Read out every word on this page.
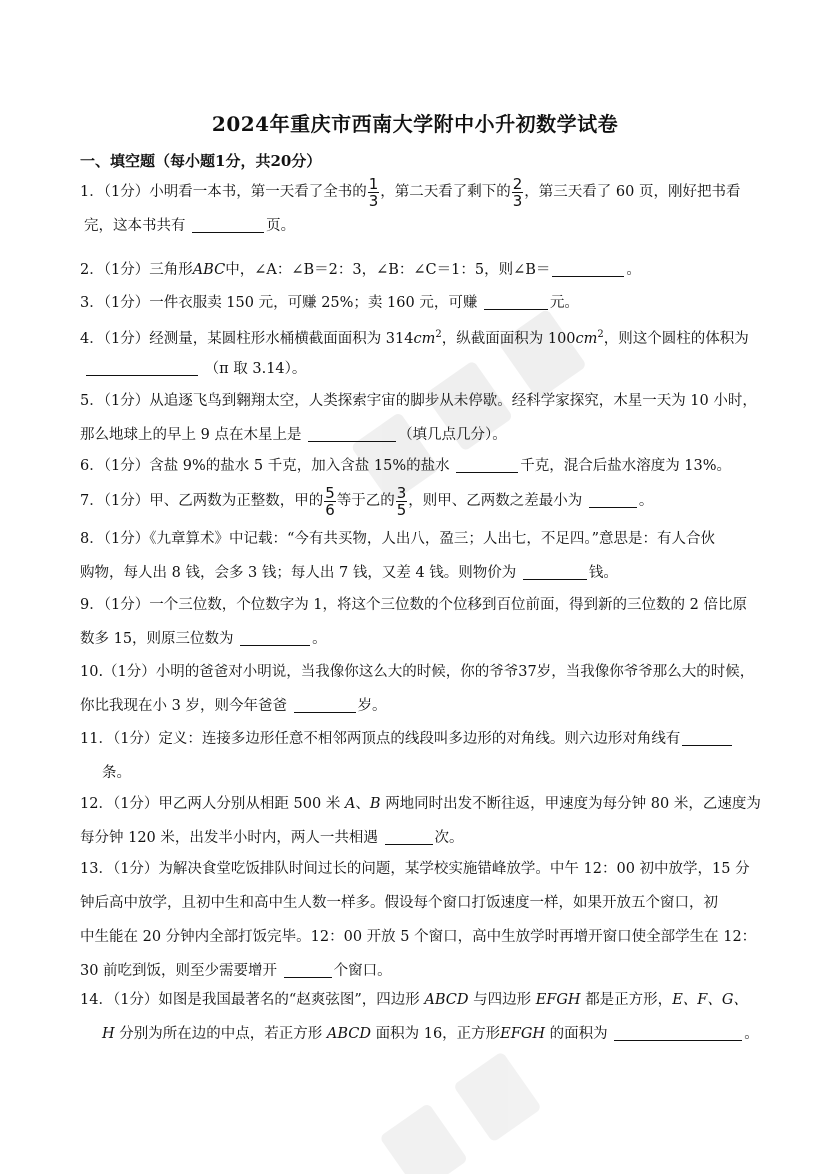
2024年重庆市西南大学附中小升初数学试卷
一、填空题（每小题1分，共20分）
1．（1分）小明看一本书，第一天看了全书的 $\frac{1}{3}$ ，第二天看了剩下的 $\frac{2}{3}$ ，第三天看了 60 页，刚好把书看
完，这本书共有	页。
2．（1分）三角形ABC中，∠A：∠B＝2：3，∠B：∠C＝1：5，则∠B＝	。
3．（1分）一件衣服卖 150 元，可赚 25%；卖 160 元，可赚	元。
4．（1分）经测量，某圆柱形水桶横截面面积为 $314cm^2$，纵截面面积为 $100cm^2$，则这个圆柱的体积为
（π 取 3.14）。
5．（1分）从追逐飞鸟到翱翔太空，人类探索宇宙的脚步从未停歇。经科学家探究，木星一天为 10 小时，
那么地球上的早上 9 点在木星上是	（填几点几分）。
6．（1分）含盐 9%的盐水 5 千克，加入含盐 15%的盐水	千克，混合后盐水溶度为 13%。
7．（1分）甲、乙两数为正整数，甲的 $\frac{5}{6}$ 等于乙的 $\frac{3}{5}$ ，则甲、乙两数之差最小为	。
8．（1分）《九章算术》中记载：“今有共买物，人出八，盈三；人出七，不足四。”意思是：有人合伙
购物，每人出 8 钱，会多 3 钱；每人出 7 钱，又差 4 钱。则物价为	钱。
9．（1分）一个三位数，个位数字为 1，将这个三位数的个位移到百位前面，得到新的三位数的 2 倍比原
数多 15，则原三位数为	。
10.（1分）小明的爸爸对小明说，当我像你这么大的时候，你的爷爷37岁，当我像你爷爷那么大的时候，
你比我现在小 3 岁，则今年爸爸	岁。
11．（1分）定义：连接多边形任意不相邻两顶点的线段叫多边形的对角线。则六边形对角线有
条。
12．（1分）甲乙两人分别从相距 500 米 A、B 两地同时出发不断往返，甲速度为每分钟 80 米，乙速度为
每分钟 120 米，出发半小时内，两人一共相遇	次。
13．（1分）为解决食堂吃饭排队时间过长的问题，某学校实施错峰放学。中午 12：00 初中放学，15 分
钟后高中放学，且初中生和高中生人数一样多。假设每个窗口打饭速度一样，如果开放五个窗口，初
中生能在 20 分钟内全部打饭完毕。12：00 开放 5 个窗口，高中生放学时再增开窗口使全部学生在 12：
30 前吃到饭，则至少需要增开	个窗口。
14．（1分）如图是我国最著名的“赵爽弦图”，四边形 ABCD 与四边形 EFGH 都是正方形，E、F、G、
H 分别为所在边的中点，若正方形 ABCD 面积为 16，正方形EFGH 的面积为	。
